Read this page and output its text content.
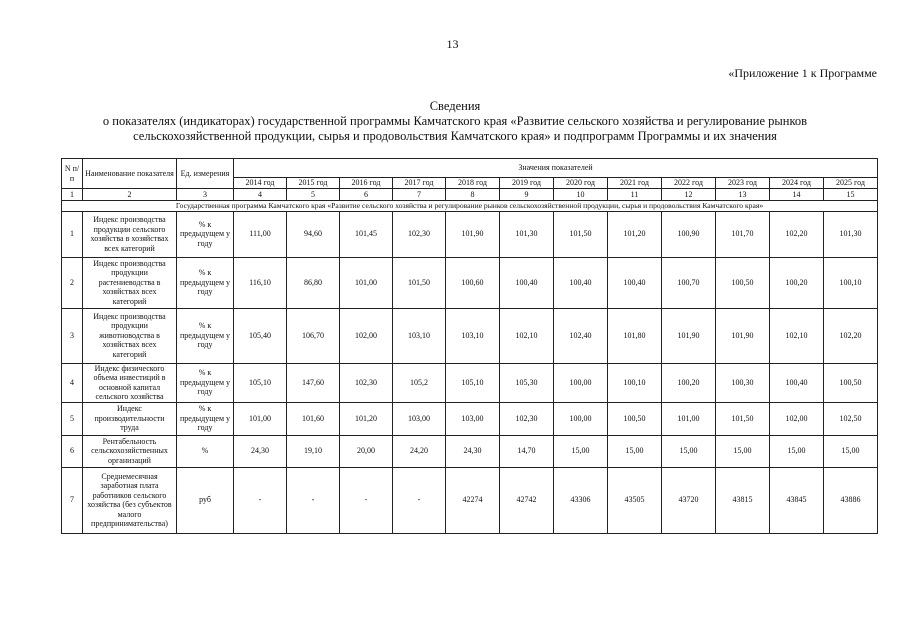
13
«Приложение 1 к Программе
Сведения
о показателях (индикаторах) государственной программы Камчатского края «Развитие сельского хозяйства и регулирование рынков
сельскохозяйственной продукции, сырья и продовольствия Камчатского края» и подпрограмм Программы и их значения
N п/п	Наименование показателя	Ед. измерения	Значения показателей											
			2014 год	2015 год	2016 год	2017 год	2018 год	2019 год	2020 год	2021 год	2022 год	2023 год	2024 год	2025 год
1	2	3	4	5	6	7	8	9	10	11	12	13	14	15
Государственная программа Камчатского края «Развитие сельского хозяйства и регулирование рынков сельскохозяйственной продукции, сырья и продовольствия Камчатского края»														
1	Индекс производства продукции сельского хозяйства в хозяйствах всех категорий	% к предыдущем у году	111,00	94,60	101,45	102,30	101,90	101,30	101,50	101,20	100,90	101,70	102,20	101,30
2	Индекс производства продукции растениеводства в хозяйствах всех категорий	% к предыдущем у году	116,10	86,80	101,00	101,50	100,60	100,40	100,40	100,40	100,70	100,50	100,20	100,10
3	Индекс производства продукции животноводства в хозяйствах всех категорий	% к предыдущем у году	105,40	106,70	102,00	103,10	103,10	102,10	102,40	101,80	101,90	101,90	102,10	102,20
4	Индекс физического объема инвестиций в основной капитал сельского хозяйства	% к предыдущем у году	105,10	147,60	102,30	105,2	105,10	105,30	100,00	100,10	100,20	100,30	100,40	100,50
5	Индекс производительности труда	% к предыдущем у году	101,00	101,60	101,20	103,00	103,00	102,30	100,00	100,50	101,00	101,50	102,00	102,50
6	Рентабельность сельскохозяйственных организаций	%	24,30	19,10	20,00	24,20	24,30	14,70	15,00	15,00	15,00	15,00	15,00	15,00
7	Среднемесячная заработная плата работников сельского хозяйства (без субъектов малого предпринимательства)	руб	-	-	-	-	42274	42742	43306	43505	43720	43815	43845	43886
